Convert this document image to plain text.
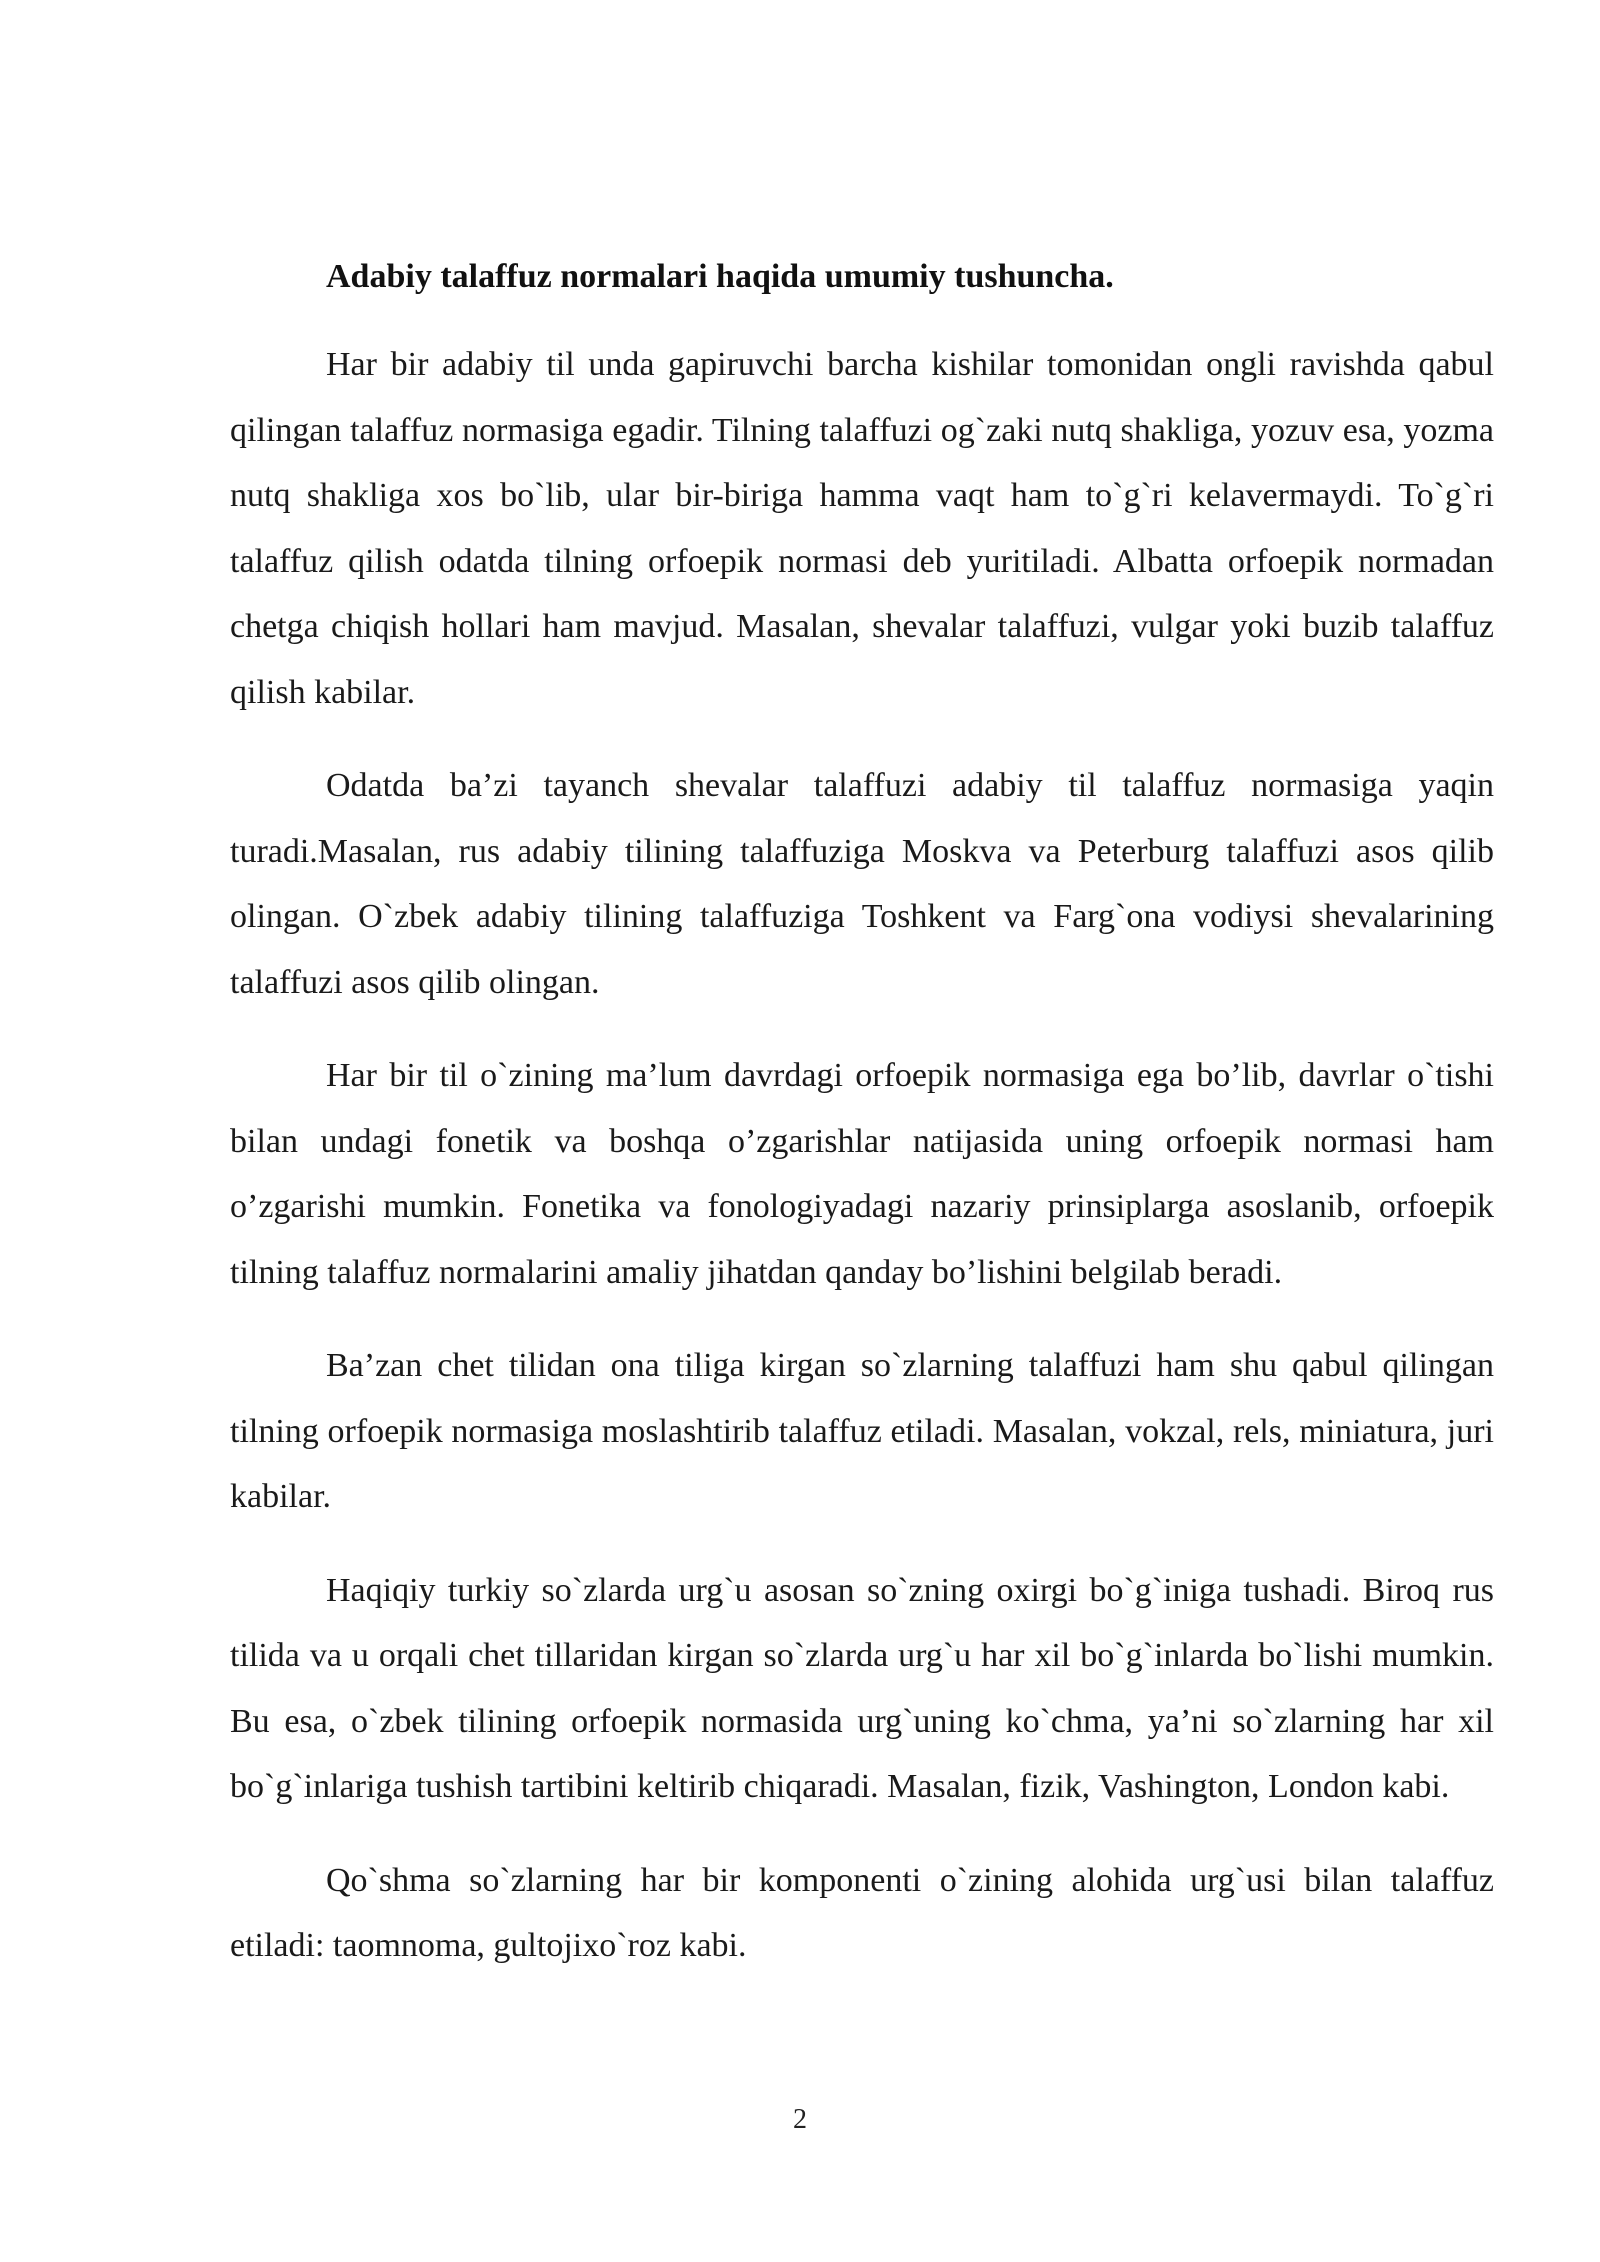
Adabiy talaffuz normalari haqida umumiy tushuncha.

Har bir adabiy til unda gapiruvchi barcha kishilar tomonidan ongli ravishda qabul qilingan talaffuz normasiga egadir. Tilning talaffuzi og`zaki nutq shakliga, yozuv esa, yozma nutq shakliga xos bo`lib, ular bir-biriga hamma vaqt ham to`g`ri kelavermaydi. To`g`ri talaffuz qilish odatda tilning orfoepik normasi deb yuritiladi. Albatta orfoepik normadan chetga chiqish hollari ham mavjud. Masalan, shevalar talaffuzi, vulgar yoki buzib talaffuz qilish kabilar.

Odatda ba’zi tayanch shevalar talaffuzi adabiy til talaffuz normasiga yaqin turadi.Masalan, rus adabiy tilining talaffuziga Moskva va Peterburg talaffuzi asos qilib olingan. O`zbek adabiy tilining talaffuziga Toshkent va Farg`ona vodiysi shevalarining talaffuzi asos qilib olingan.

Har bir til o`zining ma’lum davrdagi orfoepik normasiga ega bo’lib, davrlar o`tishi bilan undagi fonetik va boshqa o’zgarishlar natijasida uning orfoepik normasi ham o’zgarishi mumkin. Fonetika va fonologiyadagi nazariy prinsiplarga asoslanib, orfoepik tilning talaffuz normalarini amaliy jihatdan qanday bo’lishini belgilab beradi.

Ba’zan chet tilidan ona tiliga kirgan so`zlarning talaffuzi ham shu qabul qilingan tilning orfoepik normasiga moslashtirib talaffuz etiladi. Masalan, vokzal, rels, miniatura, juri kabilar.

Haqiqiy turkiy so`zlarda urg`u asosan so`zning oxirgi bo`g`iniga tushadi. Biroq rus tilida va u orqali chet tillaridan kirgan so`zlarda urg`u har xil bo`g`inlarda bo`lishi mumkin. Bu esa, o`zbek tilining orfoepik normasida urg`uning ko`chma, ya’ni so`zlarning har xil bo`g`inlariga tushish tartibini keltirib chiqaradi. Masalan, fizik, Vashington, London kabi.

Qo`shma so`zlarning har bir komponenti o`zining alohida urg`usi bilan talaffuz etiladi: taomnoma, gultojixo`roz kabi.

2
